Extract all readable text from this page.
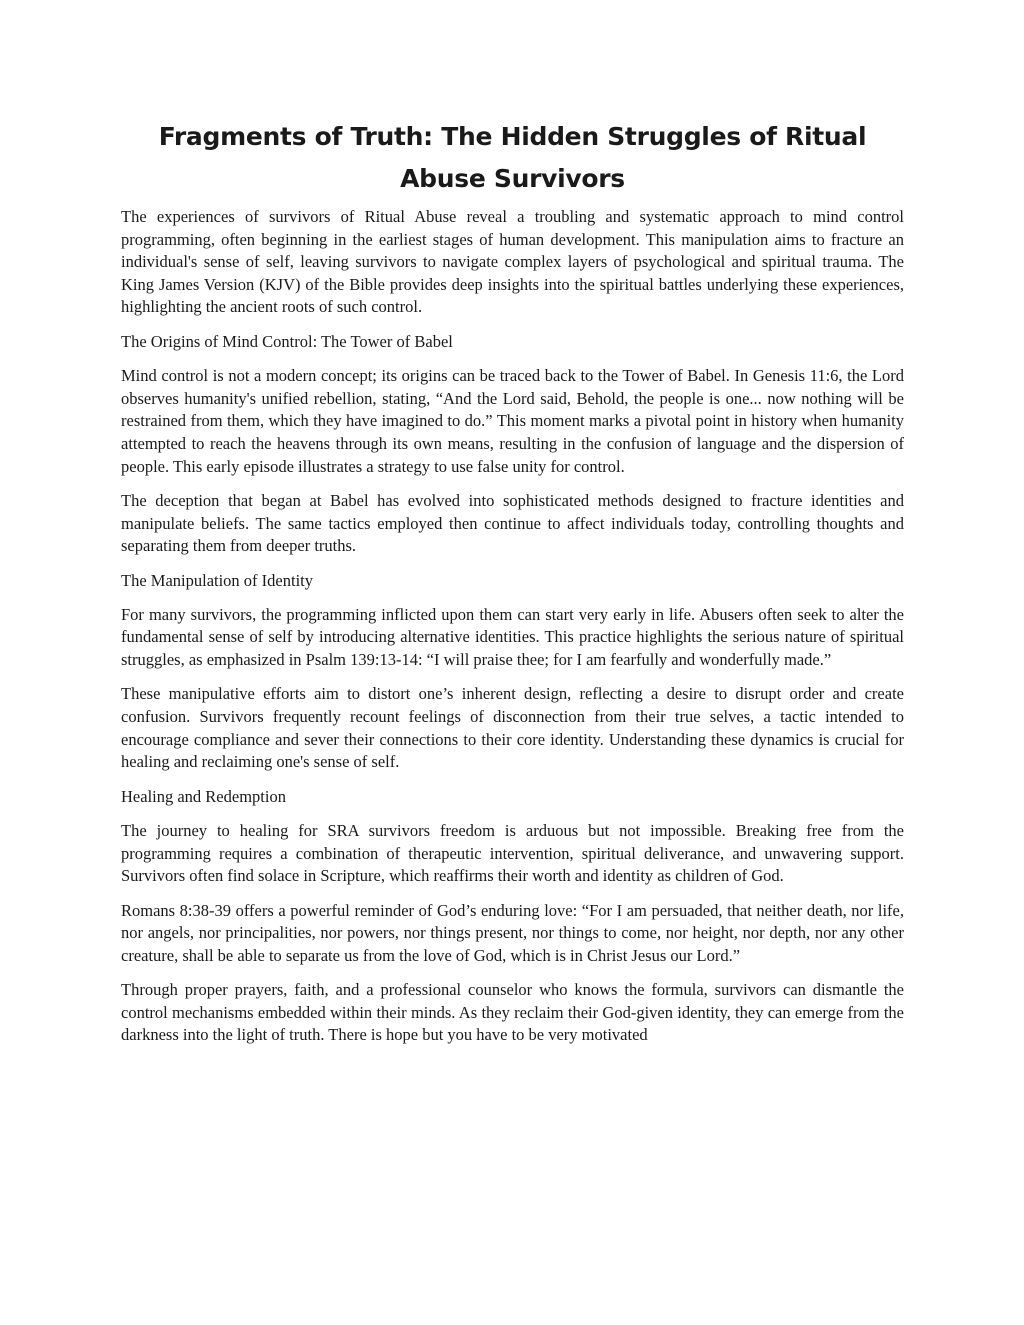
Fragments of Truth: The Hidden Struggles of Ritual Abuse Survivors

The experiences of survivors of Ritual Abuse reveal a troubling and systematic approach to mind control programming, often beginning in the earliest stages of human development. This manipulation aims to fracture an individual's sense of self, leaving survivors to navigate complex layers of psychological and spiritual trauma. The King James Version (KJV) of the Bible provides deep insights into the spiritual battles underlying these experiences, highlighting the ancient roots of such control.

The Origins of Mind Control: The Tower of Babel

Mind control is not a modern concept; its origins can be traced back to the Tower of Babel. In Genesis 11:6, the Lord observes humanity's unified rebellion, stating, “And the Lord said, Behold, the people is one... now nothing will be restrained from them, which they have imagined to do.” This moment marks a pivotal point in history when humanity attempted to reach the heavens through its own means, resulting in the confusion of language and the dispersion of people. This early episode illustrates a strategy to use false unity for control.

The deception that began at Babel has evolved into sophisticated methods designed to fracture identities and manipulate beliefs. The same tactics employed then continue to affect individuals today, controlling thoughts and separating them from deeper truths.

The Manipulation of Identity

For many survivors, the programming inflicted upon them can start very early in life. Abusers often seek to alter the fundamental sense of self by introducing alternative identities. This practice highlights the serious nature of spiritual struggles, as emphasized in Psalm 139:13-14: “I will praise thee; for I am fearfully and wonderfully made.”

These manipulative efforts aim to distort one’s inherent design, reflecting a desire to disrupt order and create confusion. Survivors frequently recount feelings of disconnection from their true selves, a tactic intended to encourage compliance and sever their connections to their core identity. Understanding these dynamics is crucial for healing and reclaiming one's sense of self.

Healing and Redemption

The journey to healing for SRA survivors freedom is arduous but not impossible. Breaking free from the programming requires a combination of therapeutic intervention, spiritual deliverance, and unwavering support. Survivors often find solace in Scripture, which reaffirms their worth and identity as children of God.

Romans 8:38-39 offers a powerful reminder of God’s enduring love: “For I am persuaded, that neither death, nor life, nor angels, nor principalities, nor powers, nor things present, nor things to come, nor height, nor depth, nor any other creature, shall be able to separate us from the love of God, which is in Christ Jesus our Lord.”

Through proper prayers, faith, and a professional counselor who knows the formula, survivors can dismantle the control mechanisms embedded within their minds. As they reclaim their God-given identity, they can emerge from the darkness into the light of truth. There is hope but you have to be very motivated
